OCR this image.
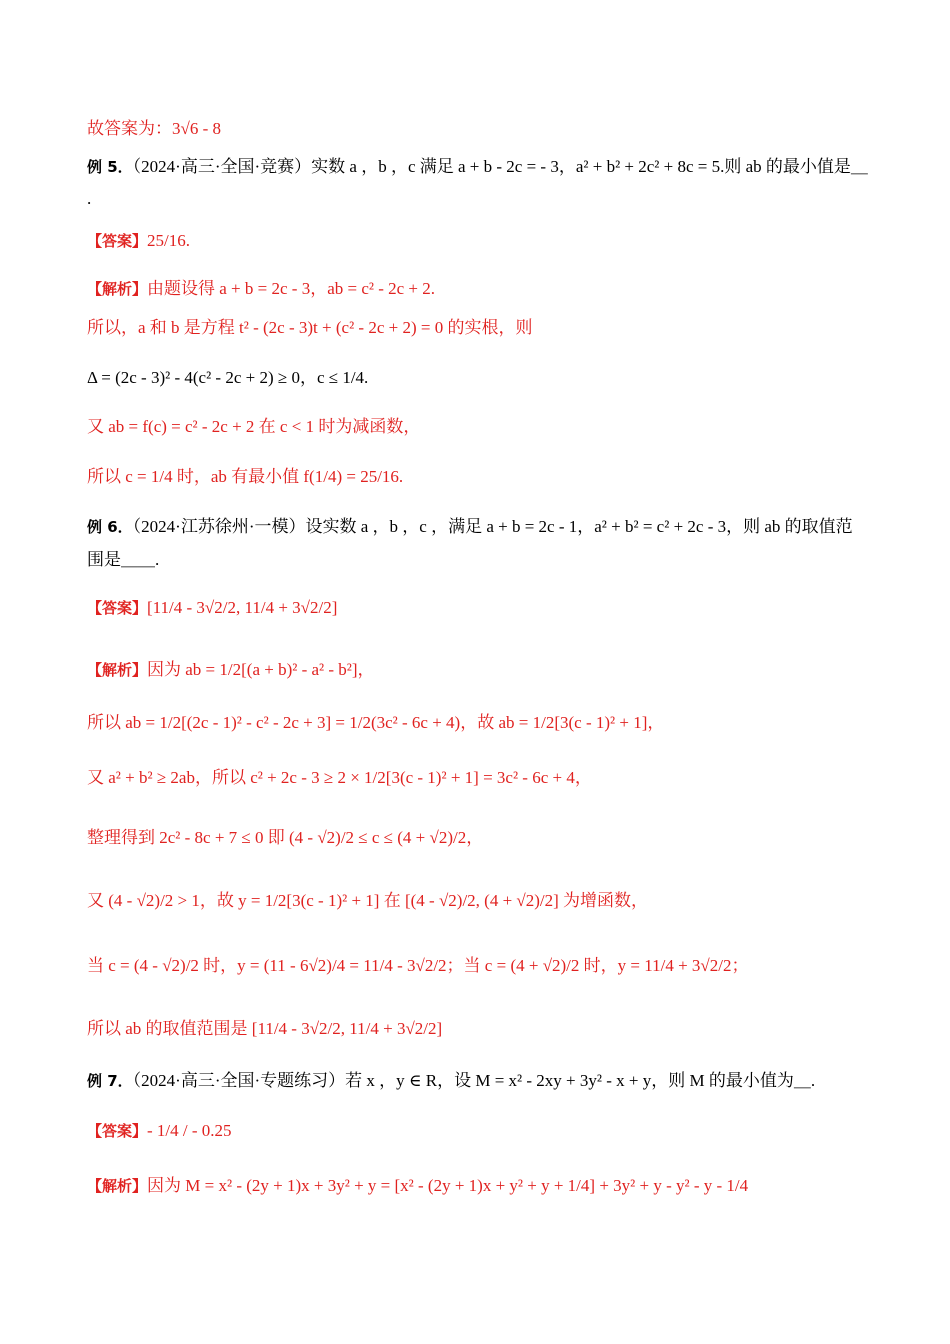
故答案为：3√6 - 8
例 5．（2024·高三·全国·竞赛）实数 a ，b ，c 满足 a + b - 2c = - 3，a² + b² + 2c² + 8c = 5.则 ab 的最小值是＿
.
【答案】25/16.
【解析】由题设得 a + b = 2c - 3，ab = c² - 2c + 2.
所以，a 和 b 是方程 t² - (2c - 3)t + (c² - 2c + 2) = 0 的实根，则
Δ = (2c - 3)² - 4(c² - 2c + 2) ≥ 0，c ≤ 1/4.
又 ab = f(c) = c² - 2c + 2 在 c < 1 时为减函数，
所以 c = 1/4 时，ab 有最小值 f(1/4) = 25/16.
例 6．（2024·江苏徐州·一模）设实数 a ，b ，c ，满足 a + b = 2c - 1，a² + b² = c² + 2c - 3，则 ab 的取值范
围是＿＿.
【答案】[11/4 - 3√2/2, 11/4 + 3√2/2]
【解析】因为 ab = 1/2[(a + b)² - a² - b²]，
所以 ab = 1/2[(2c - 1)² - c² - 2c + 3] = 1/2(3c² - 6c + 4)，故 ab = 1/2[3(c - 1)² + 1]，
又 a² + b² ≥ 2ab，所以 c² + 2c - 3 ≥ 2 × 1/2[3(c - 1)² + 1] = 3c² - 6c + 4，
整理得到 2c² - 8c + 7 ≤ 0 即 (4 - √2)/2 ≤ c ≤ (4 + √2)/2，
又 (4 - √2)/2 > 1，故 y = 1/2[3(c - 1)² + 1] 在 [(4 - √2)/2, (4 + √2)/2] 为增函数，
当 c = (4 - √2)/2 时，y = (11 - 6√2)/4 = 11/4 - 3√2/2；当 c = (4 + √2)/2 时，y = 11/4 + 3√2/2；
所以 ab 的取值范围是 [11/4 - 3√2/2, 11/4 + 3√2/2]
例 7．（2024·高三·全国·专题练习）若 x ，y ∈ R，设 M = x² - 2xy + 3y² - x + y，则 M 的最小值为＿.
【答案】- 1/4 / - 0.25
【解析】因为 M = x² - (2y + 1)x + 3y² + y = [x² - (2y + 1)x + y² + y + 1/4] + 3y² + y - y² - y - 1/4
